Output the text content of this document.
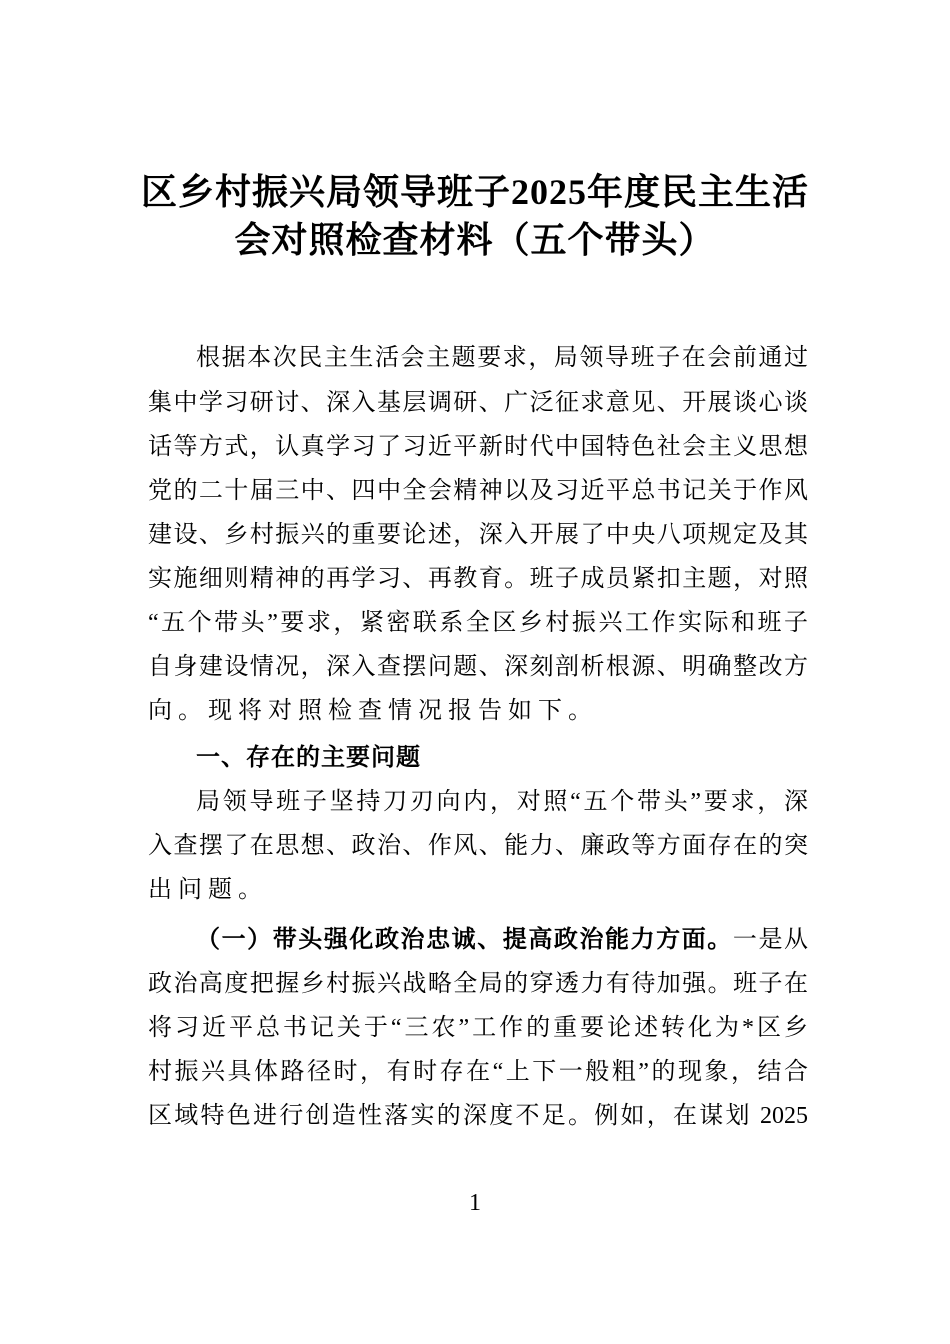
区乡村振兴局领导班子2025年度民主生活
会对照检查材料（五个带头）
根据本次民主生活会主题要求，局领导班子在会前通过
集中学习研讨、深入基层调研、广泛征求意见、开展谈心谈
话等方式，认真学习了习近平新时代中国特色社会主义思想
党的二十届三中、四中全会精神以及习近平总书记关于作风
建设、乡村振兴的重要论述，深入开展了中央八项规定及其
实施细则精神的再学习、再教育。班子成员紧扣主题，对照
“五个带头”要求，紧密联系全区乡村振兴工作实际和班子
自身建设情况，深入查摆问题、深刻剖析根源、明确整改方
向。现将对照检查情况报告如下。
一、存在的主要问题
局领导班子坚持刀刃向内，对照“五个带头”要求，深
入查摆了在思想、政治、作风、能力、廉政等方面存在的突
出问题。
（一）带头强化政治忠诚、提高政治能力方面。一是从
政治高度把握乡村振兴战略全局的穿透力有待加强。班子在
将习近平总书记关于“三农”工作的重要论述转化为*区乡
村振兴具体路径时，有时存在“上下一般粗”的现象，结合
区域特色进行创造性落实的深度不足。例如，在谋划 2025
1
